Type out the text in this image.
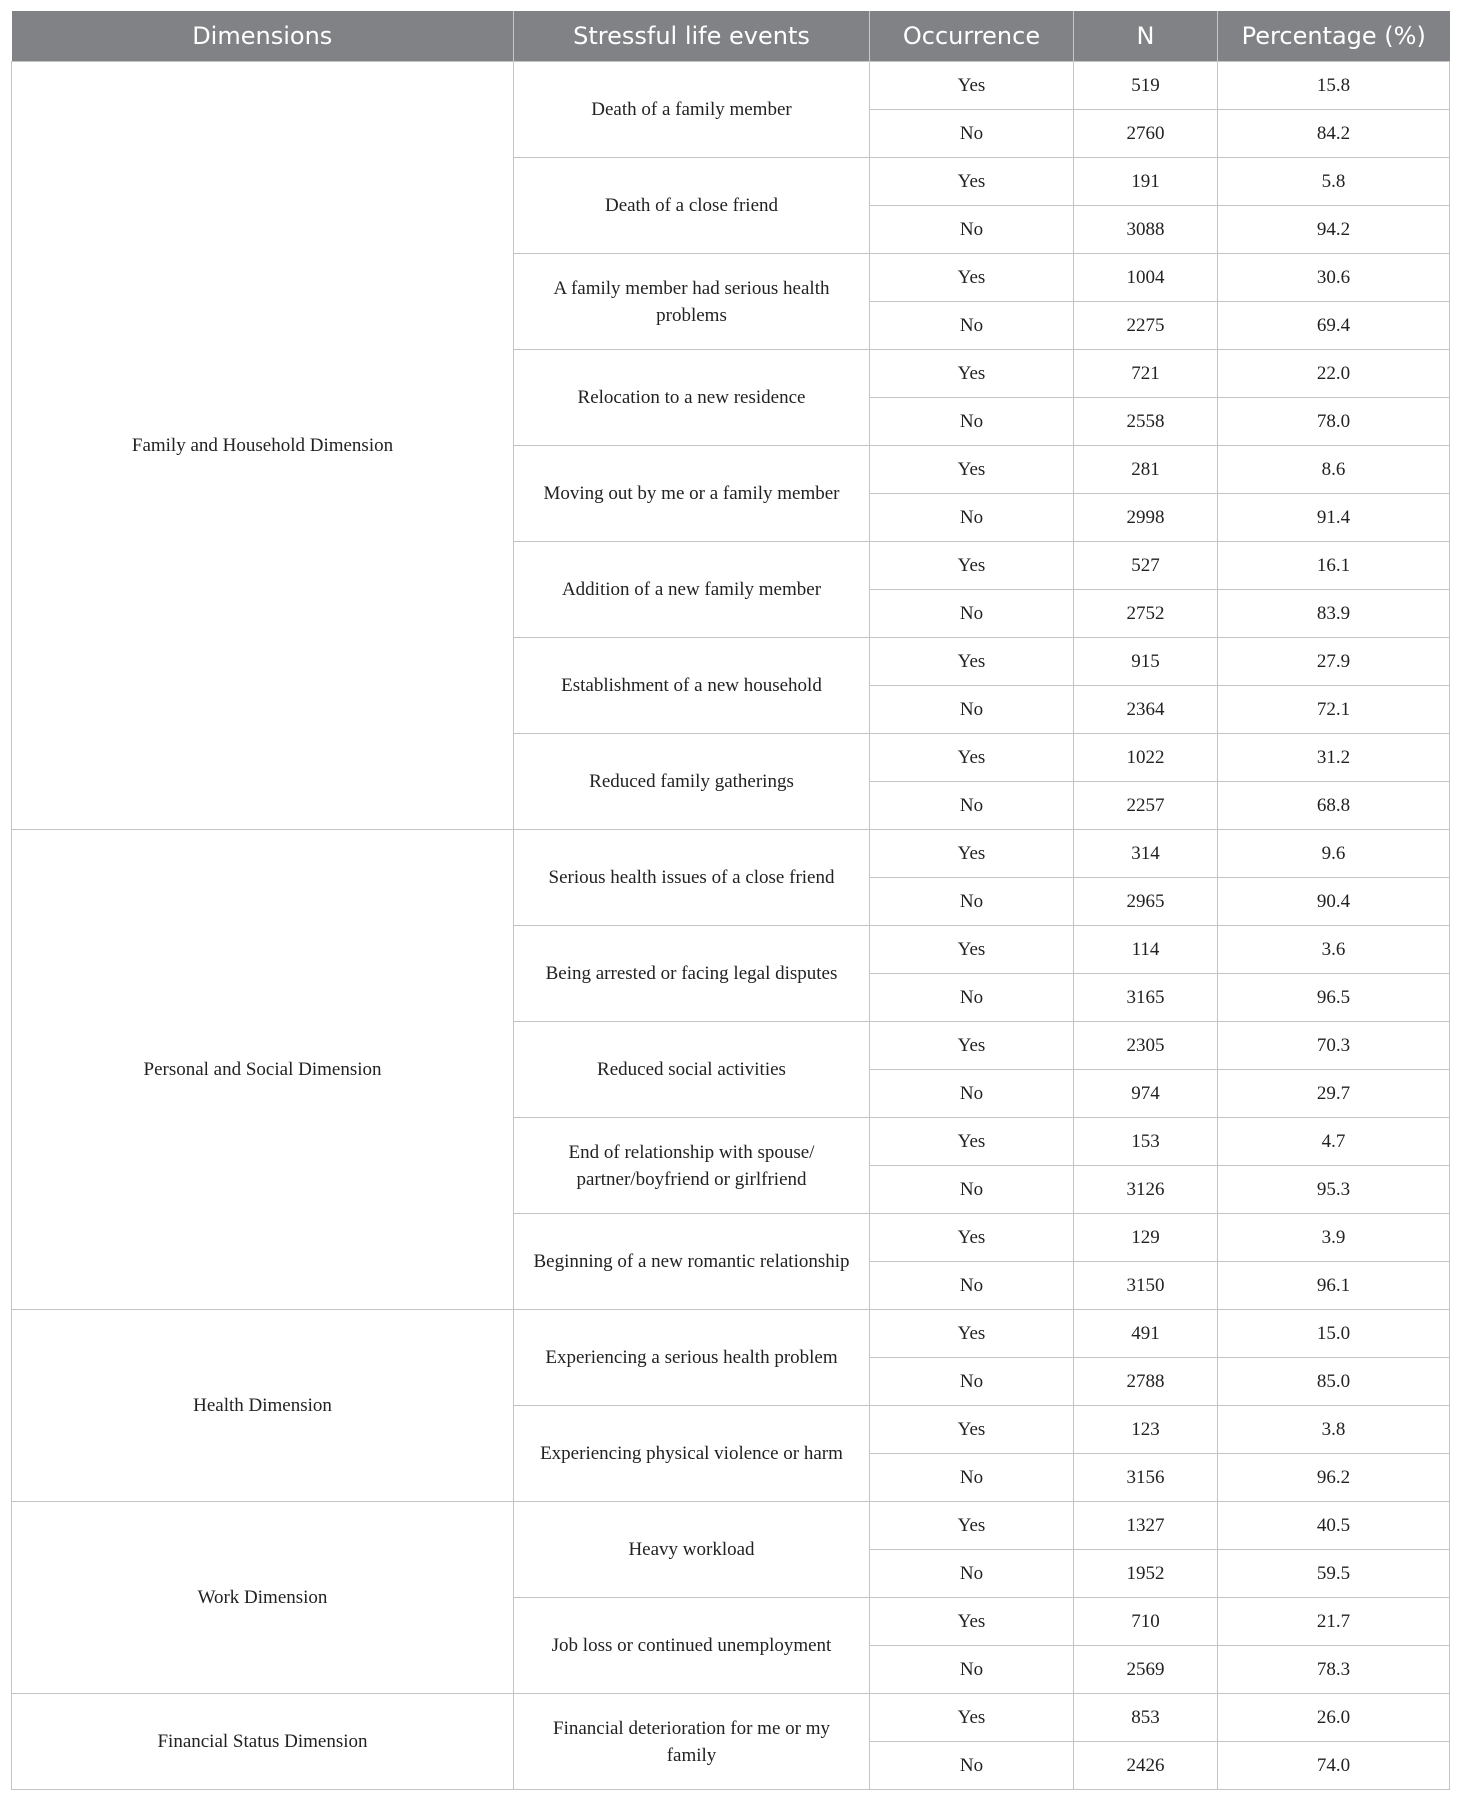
Dimensions	Stressful life events	Occurrence	N	Percentage (%)
Family and Household Dimension	Death of a family member	Yes	519	15.8
		No	2760	84.2
	Death of a close friend	Yes	191	5.8
		No	3088	94.2
	A family member had serious health problems	Yes	1004	30.6
		No	2275	69.4
	Relocation to a new residence	Yes	721	22.0
		No	2558	78.0
	Moving out by me or a family member	Yes	281	8.6
		No	2998	91.4
	Addition of a new family member	Yes	527	16.1
		No	2752	83.9
	Establishment of a new household	Yes	915	27.9
		No	2364	72.1
	Reduced family gatherings	Yes	1022	31.2
		No	2257	68.8
Personal and Social Dimension	Serious health issues of a close friend	Yes	314	9.6
		No	2965	90.4
	Being arrested or facing legal disputes	Yes	114	3.6
		No	3165	96.5
	Reduced social activities	Yes	2305	70.3
		No	974	29.7
	End of relationship with spouse/ partner/boyfriend or girlfriend	Yes	153	4.7
		No	3126	95.3
	Beginning of a new romantic relationship	Yes	129	3.9
		No	3150	96.1
Health Dimension	Experiencing a serious health problem	Yes	491	15.0
		No	2788	85.0
	Experiencing physical violence or harm	Yes	123	3.8
		No	3156	96.2
Work Dimension	Heavy workload	Yes	1327	40.5
		No	1952	59.5
	Job loss or continued unemployment	Yes	710	21.7
		No	2569	78.3
Financial Status Dimension	Financial deterioration for me or my family	Yes	853	26.0
		No	2426	74.0
